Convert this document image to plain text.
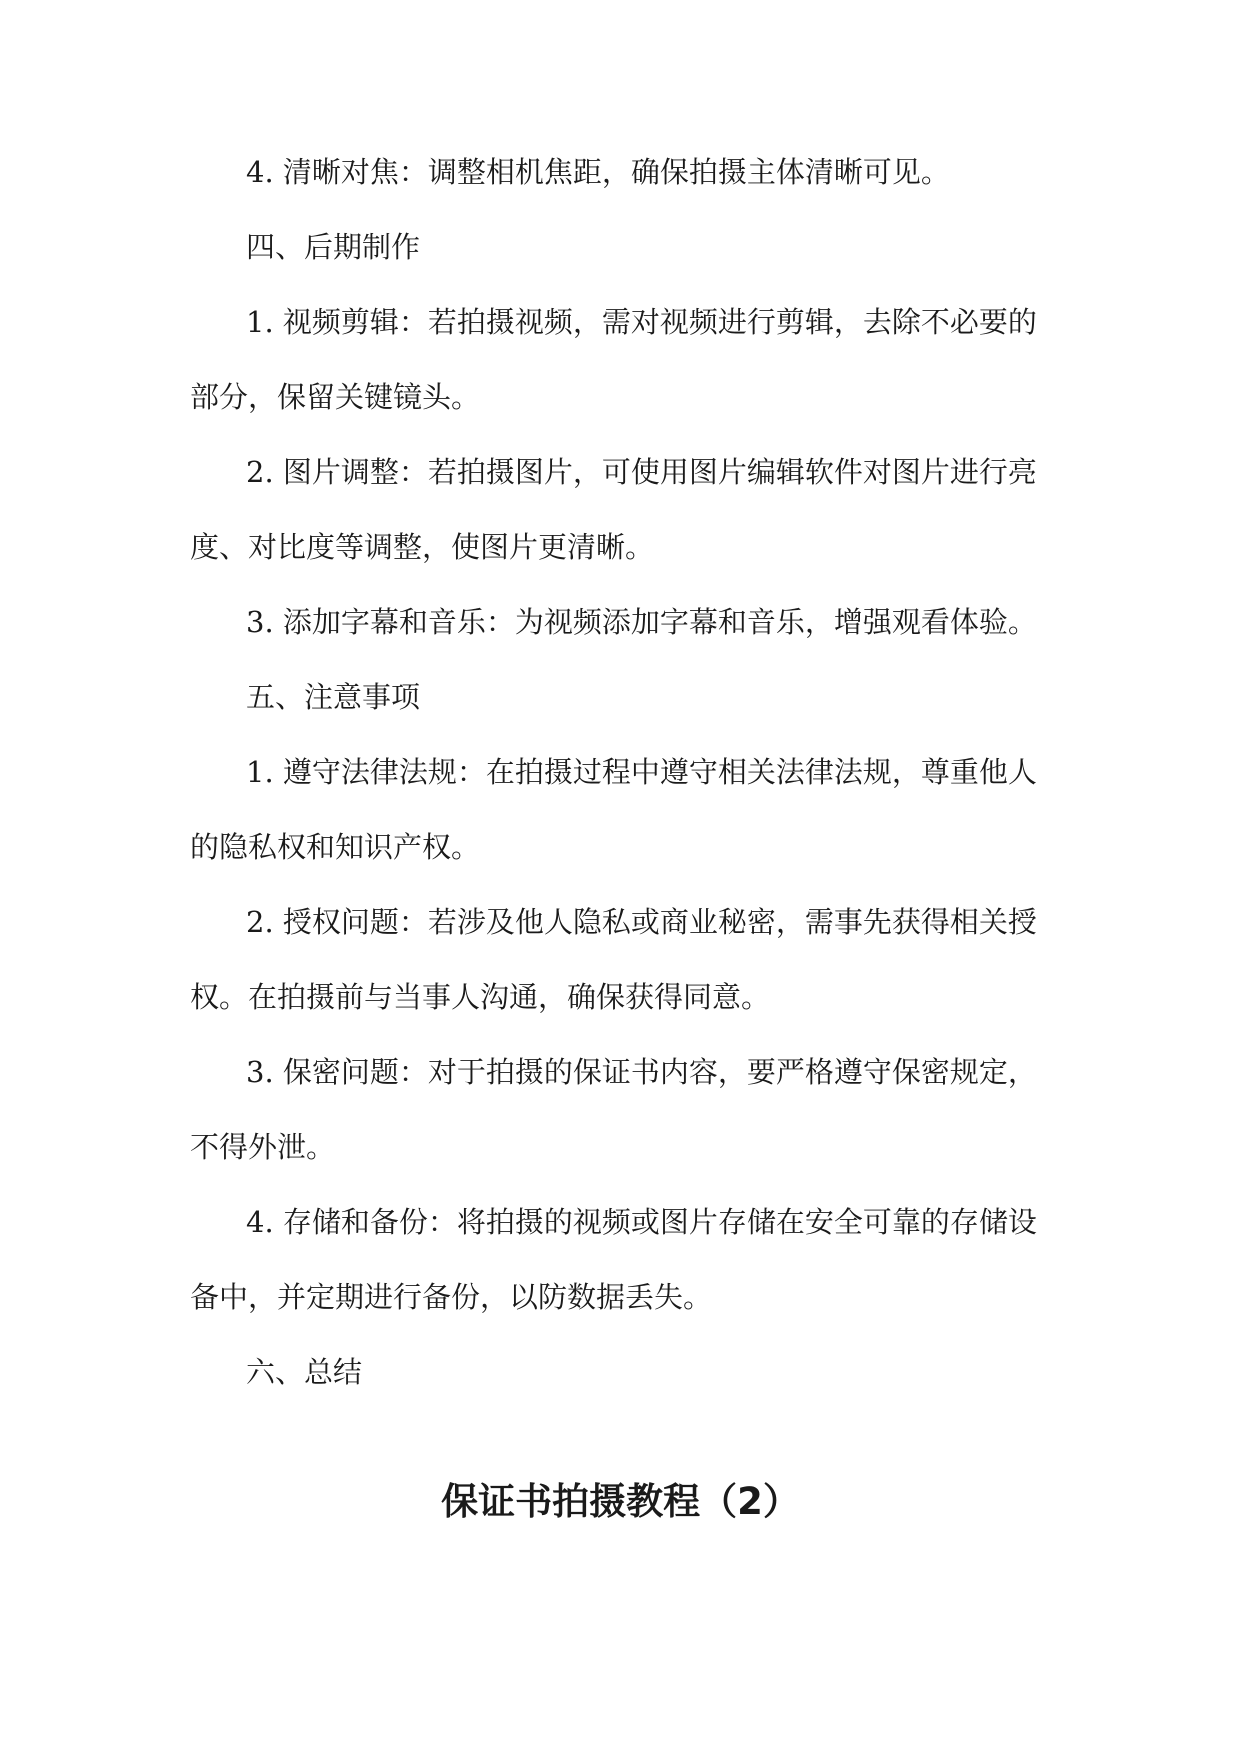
4. 清晰对焦：调整相机焦距，确保拍摄主体清晰可见。

四、后期制作

1. 视频剪辑：若拍摄视频，需对视频进行剪辑，去除不必要的

部分，保留关键镜头。

2. 图片调整：若拍摄图片，可使用图片编辑软件对图片进行亮

度、对比度等调整，使图片更清晰。

3. 添加字幕和音乐：为视频添加字幕和音乐，增强观看体验。

五、注意事项

1. 遵守法律法规：在拍摄过程中遵守相关法律法规，尊重他人

的隐私权和知识产权。

2. 授权问题：若涉及他人隐私或商业秘密，需事先获得相关授

权。在拍摄前与当事人沟通，确保获得同意。

3. 保密问题：对于拍摄的保证书内容，要严格遵守保密规定，

不得外泄。

4. 存储和备份：将拍摄的视频或图片存储在安全可靠的存储设

备中，并定期进行备份，以防数据丢失。

六、总结

保证书拍摄教程（2）
